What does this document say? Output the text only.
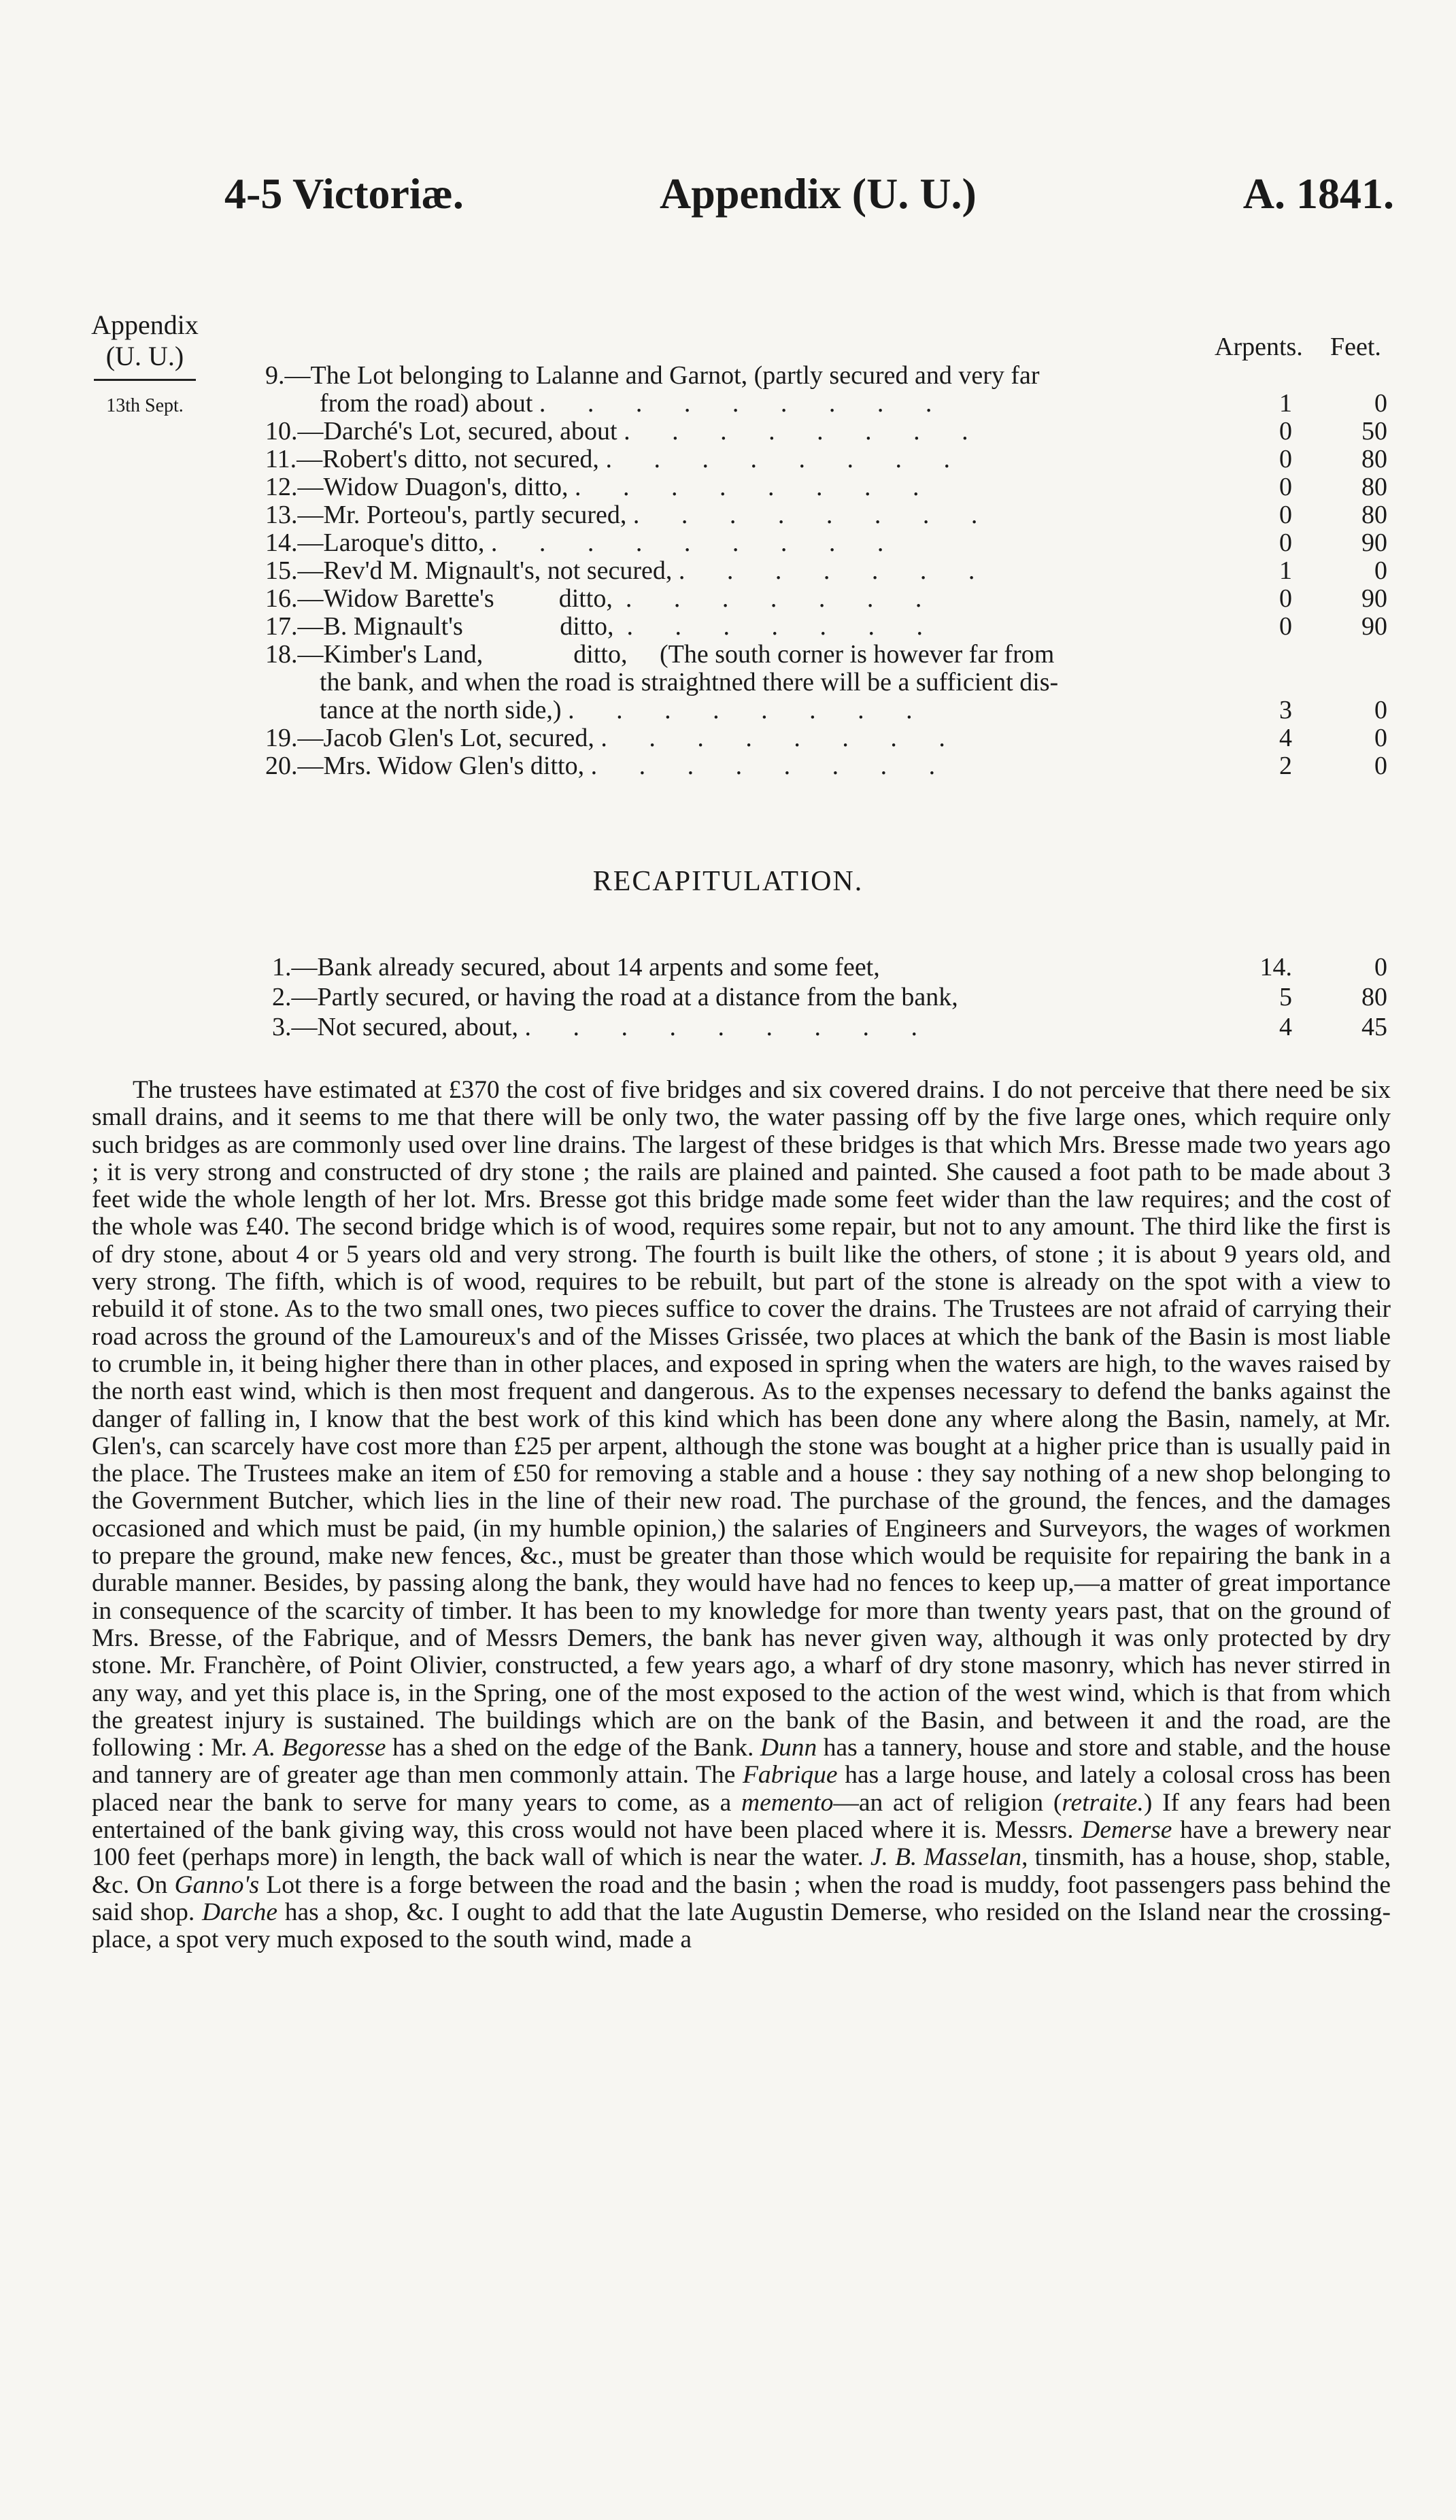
4-5 Victoriæ.	Appendix (U. U.)	A. 1841.
Appendix
(U. U.)
13th Sept.
Arpents. Feet.
9.—The Lot belonging to Lalanne and Garnot, (partly secured and very far
from the road) about . . . . . . . . .	1	0
10.—Darché's Lot, secured, about . . . . . . . .	0	50
11.—Robert's ditto, not secured, . . . . . . . .	0	80
12.—Widow Duagon's, ditto, . . . . . . . .	0	80
13.—Mr. Porteou's, partly secured, . . . . . . . .	0	80
14.—Laroque's ditto, . . . . . . . . .	0	90
15.—Rev'd M. Mignault's, not secured, . . . . . . .	1	0
16.—Widow Barette's          ditto, . . . . . . .	0	90
17.—B. Mignault's               ditto, . . . . . . .	0	90
18.—Kimber's Land,              ditto,     (The south corner is however far from
the bank, and when the road is straightned there will be a sufficient dis-
tance at the north side,) . . . . . . . .	3	0
19.—Jacob Glen's Lot, secured, . . . . . . . .	4	0
20.—Mrs. Widow Glen's ditto, . . . . . . . .	2	0
RECAPITULATION.
1.—Bank already secured, about 14 arpents and some feet,	14.	0
2.—Partly secured, or having the road at a distance from the bank,	5	80
3.—Not secured, about, . . . . . . . . .	4	45

The trustees have estimated at £370 the cost of five bridges and six covered drains. I do not perceive that there need be six small drains, and it seems to me that there will be only two, the water passing off by the five large ones, which require only such bridges as are commonly used over line drains. The largest of these bridges is that which Mrs. Bresse made two years ago ; it is very strong and constructed of dry stone ; the rails are plained and painted. She caused a foot path to be made about 3 feet wide the whole length of her lot. Mrs. Bresse got this bridge made some feet wider than the law requires; and the cost of the whole was £40. The second bridge which is of wood, requires some repair, but not to any amount. The third like the first is of dry stone, about 4 or 5 years old and very strong. The fourth is built like the others, of stone ; it is about 9 years old, and very strong. The fifth, which is of wood, requires to be rebuilt, but part of the stone is already on the spot with a view to rebuild it of stone. As to the two small ones, two pieces suffice to cover the drains. The Trustees are not afraid of carrying their road across the ground of the Lamoureux's and of the Misses Grissée, two places at which the bank of the Basin is most liable to crumble in, it being higher there than in other places, and exposed in spring when the waters are high, to the waves raised by the north east wind, which is then most frequent and dangerous. As to the expenses necessary to defend the banks against the danger of falling in, I know that the best work of this kind which has been done any where along the Basin, namely, at Mr. Glen's, can scarcely have cost more than £25 per arpent, although the stone was bought at a higher price than is usually paid in the place. The Trustees make an item of £50 for removing a stable and a house : they say nothing of a new shop belonging to the Government Butcher, which lies in the line of their new road. The purchase of the ground, the fences, and the damages occasioned and which must be paid, (in my humble opinion,) the salaries of Engineers and Surveyors, the wages of workmen to prepare the ground, make new fences, &c., must be greater than those which would be requisite for repairing the bank in a durable manner. Besides, by passing along the bank, they would have had no fences to keep up,—a matter of great importance in consequence of the scarcity of timber. It has been to my knowledge for more than twenty years past, that on the ground of Mrs. Bresse, of the Fabrique, and of Messrs Demers, the bank has never given way, although it was only protected by dry stone. Mr. Franchère, of Point Olivier, constructed, a few years ago, a wharf of dry stone masonry, which has never stirred in any way, and yet this place is, in the Spring, one of the most exposed to the action of the west wind, which is that from which the greatest injury is sustained. The buildings which are on the bank of the Basin, and between it and the road, are the following : Mr. A. Begoresse has a shed on the edge of the Bank. Dunn has a tannery, house and store and stable, and the house and tannery are of greater age than men commonly attain. The Fabrique has a large house, and lately a colosal cross has been placed near the bank to serve for many years to come, as a memento—an act of religion (retraite.) If any fears had been entertained of the bank giving way, this cross would not have been placed where it is. Messrs. Demerse have a brewery near 100 feet (perhaps more) in length, the back wall of which is near the water. J. B. Masselan, tinsmith, has a house, shop, stable, &c. On Ganno's Lot there is a forge between the road and the basin ; when the road is muddy, foot passengers pass behind the said shop. Darche has a shop, &c. I ought to add that the late Augustin Demerse, who resided on the Island near the crossing-place, a spot very much exposed to the south wind, made a
